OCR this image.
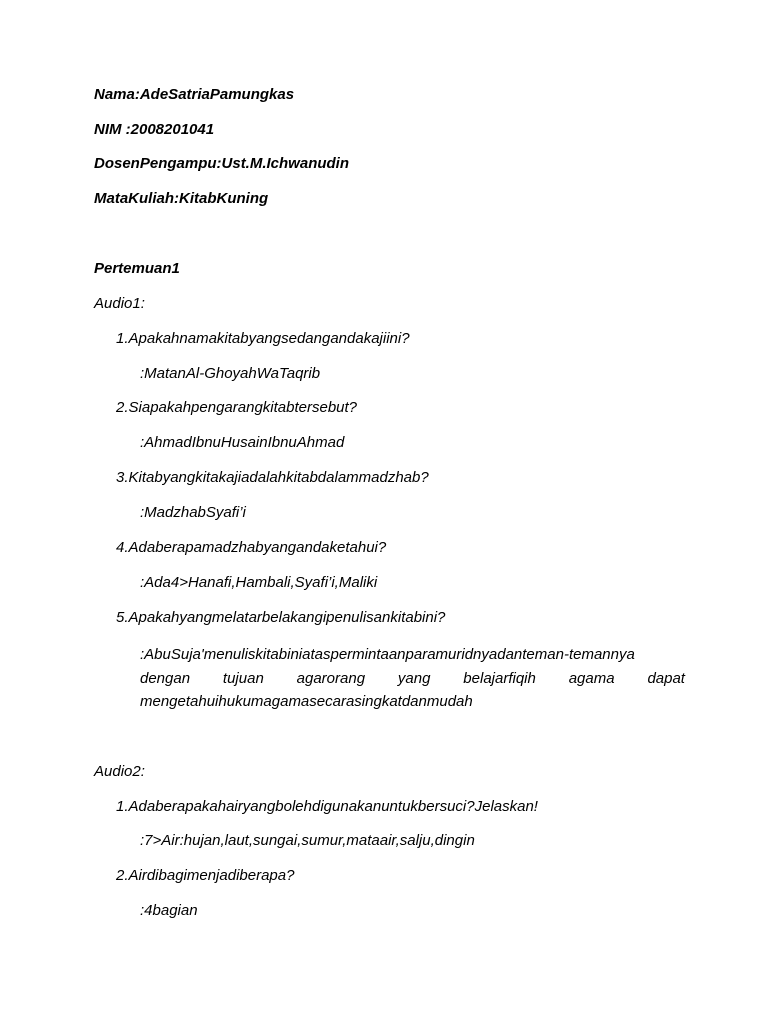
Nama:AdeSatriaPamungkas
NIM :2008201041
DosenPengampu:Ust.M.Ichwanudin
MataKuliah:KitabKuning
Pertemuan1
Audio1:
1.Apakahnamakitabyangsedangandakajiini?
:MatanAl-GhoyahWaTaqrib
2.Siapakahpengarangkitabtersebut?
:AhmadIbnuHusainIbnuAhmad
3.Kitabyangkitakajiadalahkitabdalammadzhab?
:MadzhabSyafi’i
4.Adaberapamadzhabyangandaketahui?
:Ada4>Hanafi,Hambali,Syafi’i,Maliki
5.Apakahyangmelatarbelakangipenulisankitabini?
:AbuSuja'menuliskitabiniataspermintaanparamuridnyadanteman-temannya
dengan tujuan agarorang yang belajarfiqih agama dapat
mengetahuihukumagamasecarasingkatdanmudah
Audio2:
1.Adaberapakahairyangbolehdigunakanuntukbersuci?Jelaskan!
:7>Air:hujan,laut,sungai,sumur,mataair,salju,dingin
2.Airdibagimenjadiberapa?
:4bagian
